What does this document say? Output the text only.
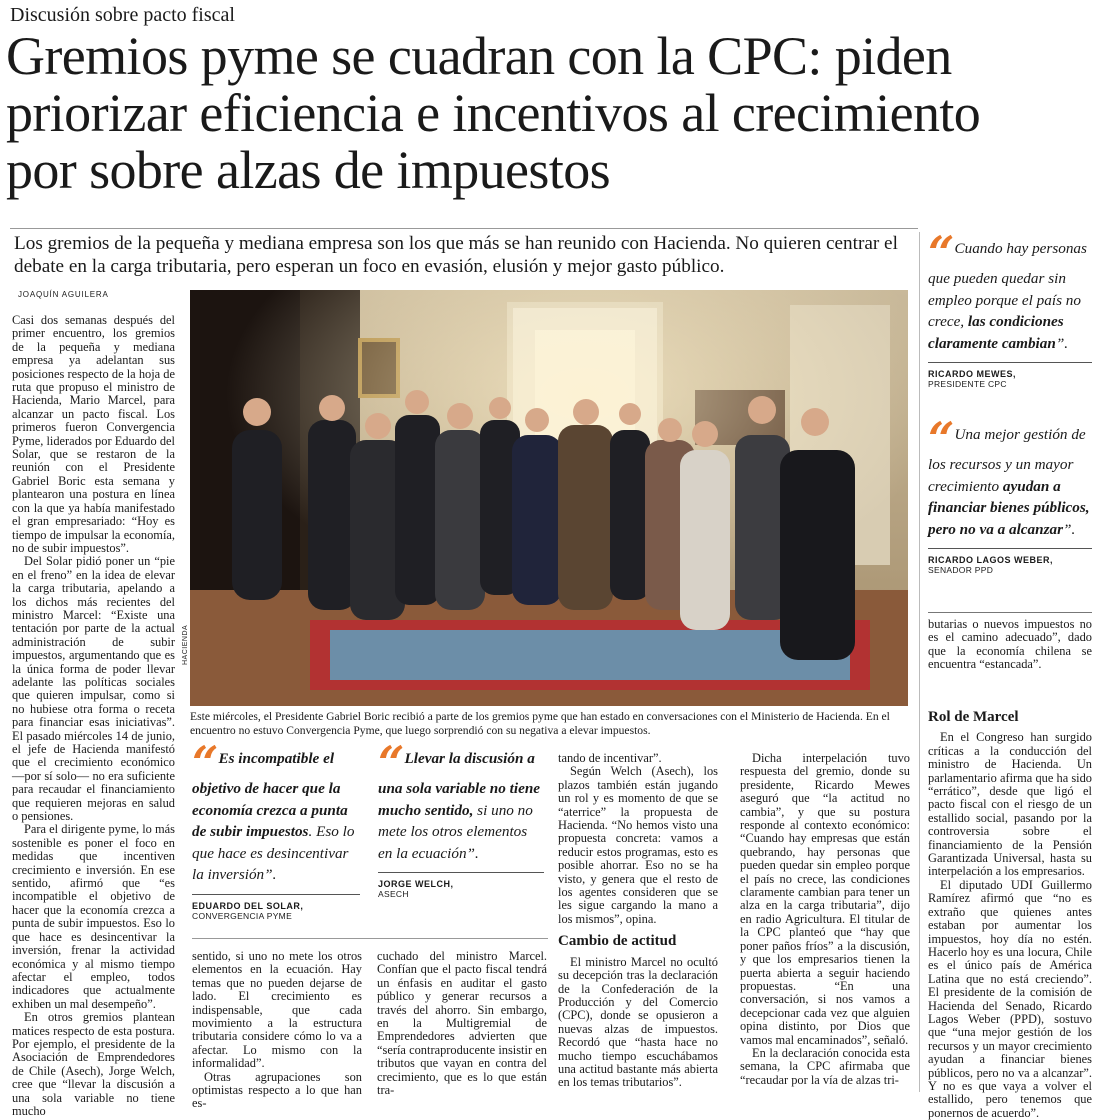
Discusión sobre pacto fiscal
Gremios pyme se cuadran con la CPC: piden
priorizar eficiencia e incentivos al crecimiento
por sobre alzas de impuestos
Los gremios de la pequeña y mediana empresa son los que más se han reunido con Hacienda. No quieren centrar el debate en la carga tributaria, pero esperan un foco en evasión, elusión y mejor gasto público.
JOAQUÍN AGUILERA

Casi dos semanas después del primer encuentro, los gremios de la pequeña y mediana empresa ya adelantan sus posiciones respecto de la hoja de ruta que propuso el ministro de Hacienda, Mario Marcel, para alcanzar un pacto fiscal. Los primeros fueron Convergencia Pyme, liderados por Eduardo del Solar, que se restaron de la reunión con el Presidente Gabriel Boric esta semana y plantearon una postura en línea con la que ya había manifestado el gran empresariado: “Hoy es tiempo de impulsar la economía, no de subir impuestos”.

Del Solar pidió poner un “pie en el freno” en la idea de elevar la carga tributaria, apelando a los dichos más recientes del ministro Marcel: “Existe una tentación por parte de la actual administración de subir impuestos, argumentando que es la única forma de poder llevar adelante las políticas sociales que quieren impulsar, como si no hubiese otra forma o receta para financiar esas iniciativas”. El pasado miércoles 14 de junio, el jefe de Hacienda manifestó que el crecimiento económico —por sí solo— no era suficiente para recaudar el financiamiento que requieren mejoras en salud o pensiones.

Para el dirigente pyme, lo más sostenible es poner el foco en medidas que incentiven crecimiento e inversión. En ese sentido, afirmó que “es incompatible el objetivo de hacer que la economía crezca a punta de subir impuestos. Eso lo que hace es desincentivar la inversión, frenar la actividad económica y al mismo tiempo afectar el empleo, todos indicadores que actualmente exhiben un mal desempeño”.

En otros gremios plantean matices respecto de esta postura. Por ejemplo, el presidente de la Asociación de Emprendedores de Chile (Asech), Jorge Welch, cree que “llevar la discusión a una sola variable no tiene mucho

HACIENDA
Este miércoles, el Presidente Gabriel Boric recibió a parte de los gremios pyme que han estado en conversaciones con el Ministerio de Hacienda. En el encuentro no estuvo Convergencia Pyme, que luego sorprendió con su negativa a elevar impuestos.
“ Es incompatible el objetivo de hacer que la economía crezca a punta de subir impuestos. Eso lo que hace es desincentivar la inversión”.
EDUARDO DEL SOLAR,
CONVERGENCIA PYME
“ Llevar la discusión a una sola variable no tiene mucho sentido, si uno no mete los otros elementos en la ecuación”.
JORGE WELCH,
ASECH
“ Cuando hay personas que pueden quedar sin empleo porque el país no crece, las condiciones claramente cambian”.
RICARDO MEWES,
PRESIDENTE CPC
“ Una mejor gestión de los recursos y un mayor crecimiento ayudan a financiar bienes públicos, pero no va a alcanzar”.
RICARDO LAGOS WEBER,
SENADOR PPD

sentido, si uno no mete los otros elementos en la ecuación. Hay temas que no pueden dejarse de lado. El crecimiento es indispensable, que cada movimiento a la estructura tributaria considere cómo lo va a afectar. Lo mismo con la informalidad”.

Otras agrupaciones son optimistas respecto a lo que han es-

cuchado del ministro Marcel. Confían que el pacto fiscal tendrá un énfasis en auditar el gasto público y generar recursos a través del ahorro. Sin embargo, en la Multigremial de Emprendedores advierten que “sería contraproducente insistir en tributos que vayan en contra del crecimiento, que es lo que están tra-

tando de incentivar”.

Según Welch (Asech), los plazos también están jugando un rol y es momento de que se “aterrice” la propuesta de Hacienda. “No hemos visto una propuesta concreta: vamos a reducir estos programas, esto es posible ahorrar. Eso no se ha visto, y genera que el resto de los agentes consideren que se les sigue cargando la mano a los mismos”, opina.

Cambio de actitud

El ministro Marcel no ocultó su decepción tras la declaración de la Confederación de la Producción y del Comercio (CPC), donde se opusieron a nuevas alzas de impuestos. Recordó que “hasta hace no mucho tiempo escuchábamos una actitud bastante más abierta en los temas tributarios”.

Dicha interpelación tuvo respuesta del gremio, donde su presidente, Ricardo Mewes aseguró que “la actitud no cambia”, y que su postura responde al contexto económico: “Cuando hay empresas que están quebrando, hay personas que pueden quedar sin empleo porque el país no crece, las condiciones claramente cambian para tener un alza en la carga tributaria”, dijo en radio Agricultura. El titular de la CPC planteó que “hay que poner paños fríos” a la discusión, y que los empresarios tienen la puerta abierta a seguir haciendo propuestas. “En una conversación, si nos vamos a decepcionar cada vez que alguien opina distinto, por Dios que vamos mal encaminados”, señaló.

En la declaración conocida esta semana, la CPC afirmaba que “recaudar por la vía de alzas tri-

butarias o nuevos impuestos no es el camino adecuado”, dado que la economía chilena se encuentra “estancada”.

Rol de Marcel

En el Congreso han surgido críticas a la conducción del ministro de Hacienda. Un parlamentario afirma que ha sido “errático”, desde que ligó el pacto fiscal con el riesgo de un estallido social, pasando por la controversia sobre el financiamiento de la Pensión Garantizada Universal, hasta su interpelación a los empresarios.

El diputado UDI Guillermo Ramírez afirmó que “no es extraño que quienes antes estaban por aumentar los impuestos, hoy día no estén. Hacerlo hoy es una locura, Chile es el único país de América Latina que no está creciendo”. El presidente de la comisión de Hacienda del Senado, Ricardo Lagos Weber (PPD), sostuvo que “una mejor gestión de los recursos y un mayor crecimiento ayudan a financiar bienes públicos, pero no va a alcanzar”. Y no es que vaya a volver el estallido, pero tenemos que ponernos de acuerdo”.
